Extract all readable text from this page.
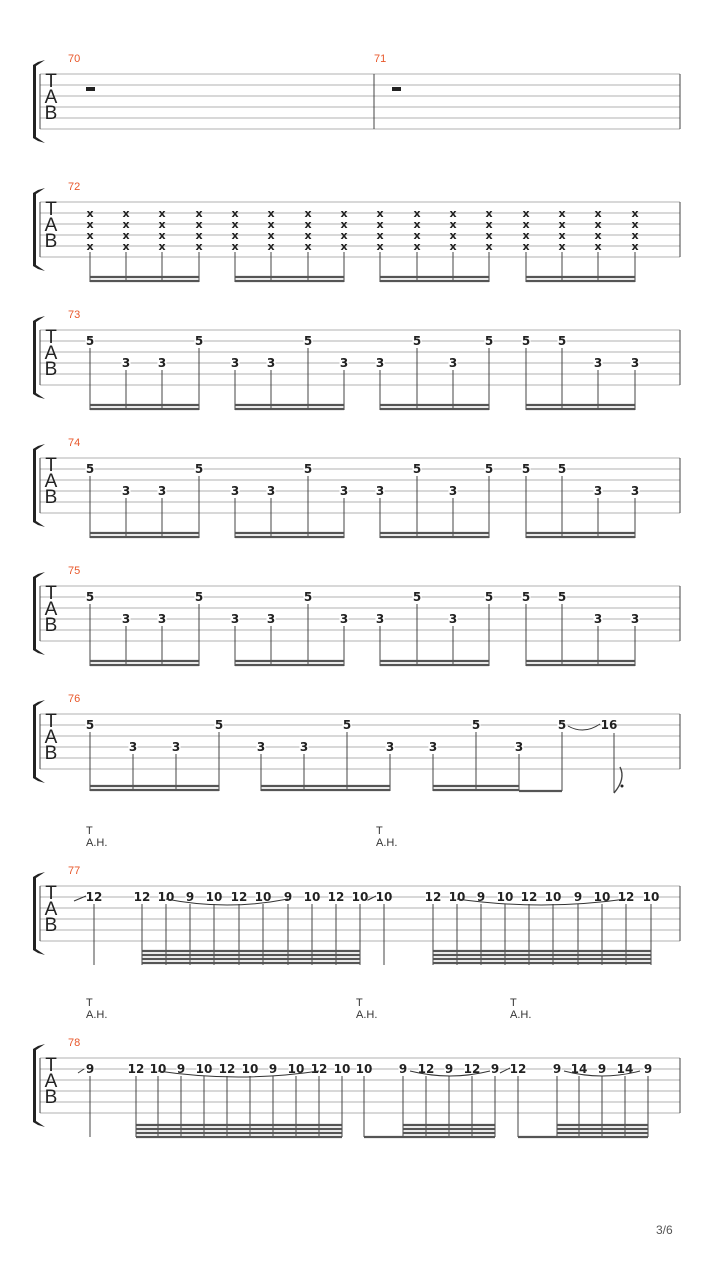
T
A
B
70	71
T
A
B
72
x
x
x
x
x
x
x
x
x
x
x
x
x
x
x
x
x
x
x
x
x
x
x
x
x
x
x
x
x
x
x
x
x
x
x
x
x
x
x
x
x
x
x
x
x
x
x
x
x
x
x
x
x
x
x
x
x
x
x
x
x
x
x
x
T
A
B
73
5
3 3
5
3 3
5
3 3
5
3
5 5 5
3 3
T
A
B
74
5
3 3
5
3 3
5
3 3
5
3
5 5 5
3 3
T
A
B
75
5
3 3
5
3 3
5
3 3
5
3
5 5 5
3 3
T
A
B
76
5
3	3
5
3	3
5
3	3
5
3
5	16
T
A
B
77
T
A.H.
T
A.H.
12	12 10 9 10 12 10 9 10 12 10 10	12 10 9 10 12 10 9 10 12 10
T
A
B
78
T
A.H.
T
A.H.
T
A.H.
9	12 10 9 10 12 10 9 10 12 10 10 9 12 9 12 9 12 9 14 9 14 9
3/6
